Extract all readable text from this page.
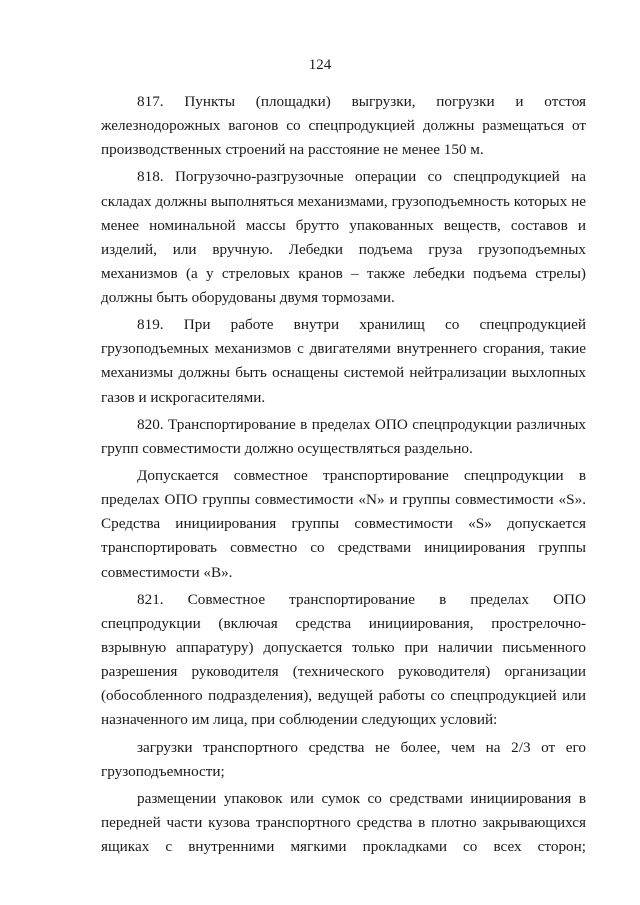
124

817. Пункты (площадки) выгрузки, погрузки и отстоя железнодорожных вагонов со спецпродукцией должны размещаться от производственных строений на расстояние не менее 150 м.

818. Погрузочно-разгрузочные операции со спецпродукцией на складах должны выполняться механизмами, грузоподъемность которых не менее номинальной массы брутто упакованных веществ, составов и изделий, или вручную. Лебедки подъема груза грузоподъемных механизмов (а у стреловых кранов – также лебедки подъема стрелы) должны быть оборудованы двумя тормозами.

819. При работе внутри хранилищ со спецпродукцией грузоподъемных механизмов с двигателями внутреннего сгорания, такие механизмы должны быть оснащены системой нейтрализации выхлопных газов и искрогасителями.

820. Транспортирование в пределах ОПО спецпродукции различных групп совместимости должно осуществляться раздельно.

Допускается совместное транспортирование спецпродукции в пределах ОПО группы совместимости «N» и группы совместимости «S». Средства инициирования группы совместимости «S» допускается транспортировать совместно со средствами инициирования группы совместимости «В».

821. Совместное транспортирование в пределах ОПО спецпродукции (включая средства инициирования, прострелочно-взрывную аппаратуру) допускается только при наличии письменного разрешения руководителя (технического руководителя) организации (обособленного подразделения), ведущей работы со спецпродукцией или назначенного им лица, при соблюдении следующих условий:

загрузки транспортного средства не более, чем на 2/3 от его грузоподъемности;

размещении упаковок или сумок со средствами инициирования в передней части кузова транспортного средства в плотно закрывающихся ящиках с внутренними мягкими прокладками со всех сторон;
